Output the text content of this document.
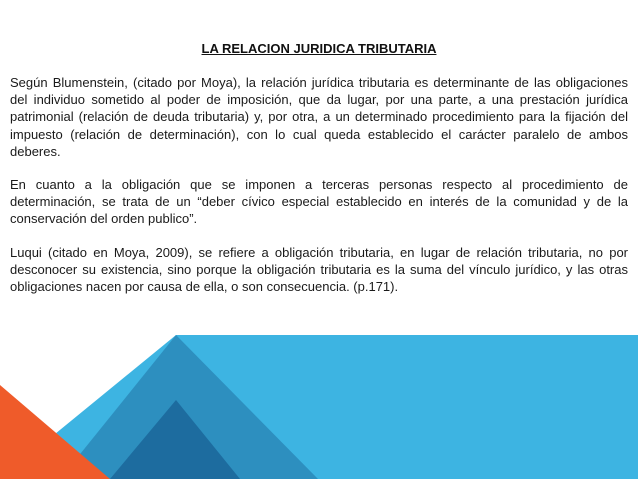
LA RELACION JURIDICA TRIBUTARIA

Según Blumenstein, (citado por Moya), la relación jurídica tributaria es determinante de las obligaciones del individuo sometido al poder de imposición, que da lugar, por una parte, a una prestación jurídica patrimonial (relación de deuda tributaria) y, por otra, a un determinado procedimiento para la fijación del impuesto (relación de determinación), con lo cual queda establecido el carácter paralelo de ambos deberes.

En cuanto a la obligación que se imponen a terceras personas respecto al procedimiento de determinación, se trata de un “deber cívico especial establecido en interés de la comunidad y de la conservación del orden publico”.

Luqui (citado en Moya, 2009), se refiere a obligación tributaria, en lugar de relación tributaria, no por desconocer su existencia, sino porque la obligación tributaria es la suma del vínculo jurídico, y las otras obligaciones nacen por causa de ella, o son consecuencia. (p.171).
